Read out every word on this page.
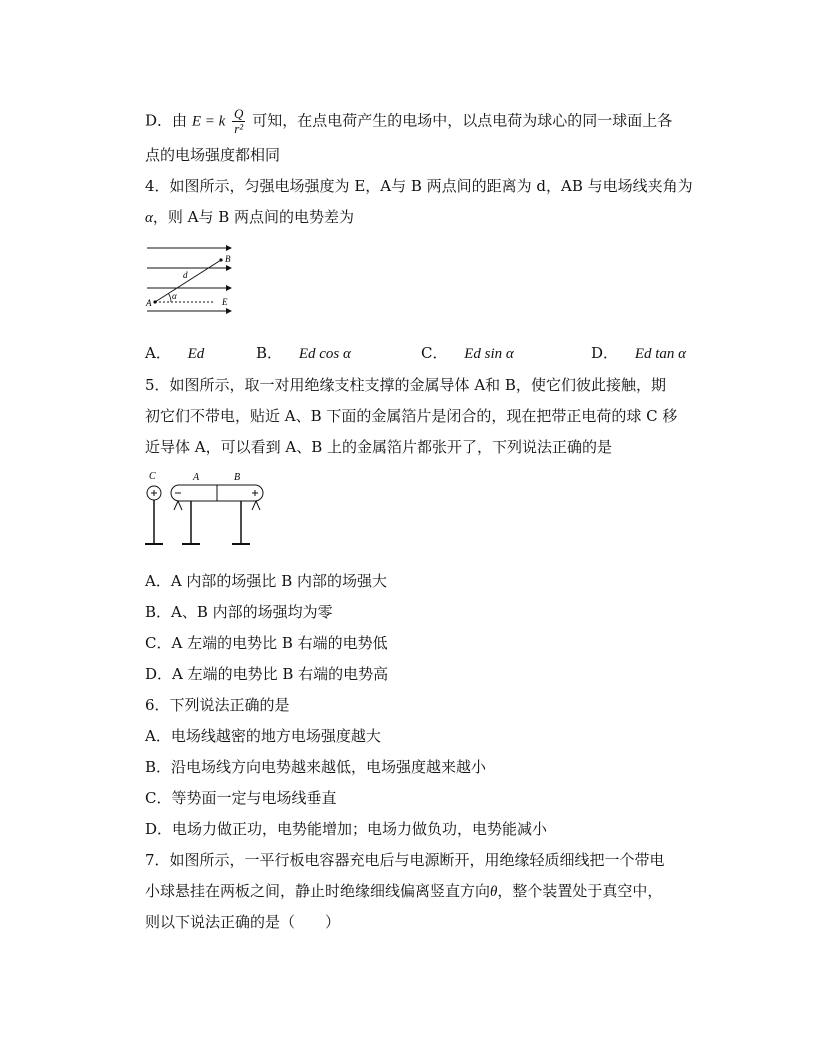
D．由 E = k $\frac{Q}{\text{r²}}$ 可知，在点电荷产生的电场中，以点电荷为球心的同一球面上各
点的电场强度都相同
4．如图所示，匀强电场强度为 E，A与 B 两点间的距离为 d，AB 与电场线夹角为
α，则 A与 B 两点间的电势差为
A
B
d
α
E
A． Ed	B． Ed cos α	C． Ed sin α	D． Ed tan α
5．如图所示，取一对用绝缘支柱支撑的金属导体 A和 B，使它们彼此接触，期
初它们不带电，贴近 A、B 下面的金属箔片是闭合的，现在把带正电荷的球 C 移
近导体 A，可以看到 A、B 上的金属箔片都张开了，下列说法正确的是
C	A	B
A．A 内部的场强比 B 内部的场强大
B．A、B 内部的场强均为零
C．A 左端的电势比 B 右端的电势低
D．A 左端的电势比 B 右端的电势高
6．下列说法正确的是
A．电场线越密的地方电场强度越大
B．沿电场线方向电势越来越低，电场强度越来越小
C．等势面一定与电场线垂直
D．电场力做正功，电势能增加；电场力做负功，电势能减小
7．如图所示，一平行板电容器充电后与电源断开，用绝缘轻质细线把一个带电
小球悬挂在两板之间，静止时绝缘细线偏离竖直方向θ，整个装置处于真空中，
则以下说法正确的是（　　）
